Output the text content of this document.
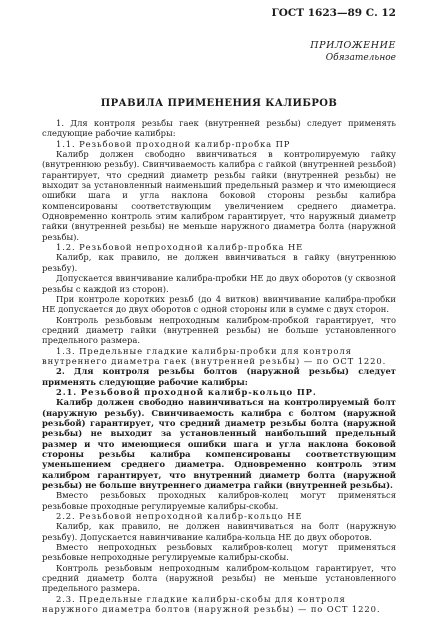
ГОСТ 1623—89 С. 12
ПРИЛОЖЕНИЕ
Обязательное
ПРАВИЛА ПРИМЕНЕНИЯ КАЛИБРОВ

1. Для контроля резьбы гаек (внутренней резьбы) следует применять следующие рабочие калибры:

1.1. Резьбовой проходной калибр-пробка ПР

Калибр должен свободно ввинчиваться в контролируемую гайку (внутреннюю резьбу). Свинчиваемость калибра с гайкой (внутренней резьбой) гарантирует, что средний диаметр резьбы гайки (внутренней резьбы) не выходит за установленный наименьший предельный размер и что имеющиеся ошибки шага и угла наклона боковой стороны резьбы калибра компенсированы соответствующим увеличением среднего диаметра. Одновременно контроль этим калибром гарантирует, что наружный диаметр гайки (внутренней резьбы) не меньше наружного диаметра болта (наружной резьбы).

1.2. Резьбовой непроходной калибр-пробка НЕ

Калибр, как правило, не должен ввинчиваться в гайку (внутреннюю резьбу).

Допускается ввинчивание калибра-пробки НЕ до двух оборотов (у сквозной резьбы с каждой из сторон).

При контроле коротких резьб (до 4 витков) ввинчивание калибра-пробки НЕ допускается до двух оборотов с одной стороны или в сумме с двух сторон.

Контроль резьбовым непроходным калибром-пробкой гарантирует, что средний диаметр гайки (внутренней резьбы) не больше установленного предельного размера.

1.3. Предельные гладкие калибры-пробки для контроля внутреннего диаметра гаек (внутренней резьбы) — по ОСТ 1220.

2. Для контроля резьбы болтов (наружной резьбы) следует применять следующие рабочие калибры:

2.1. Резьбовой проходной калибр-кольцо ПР.

Калибр должен свободно навинчиваться на контролируемый болт (наружную резьбу). Свинчиваемость калибра с болтом (наружной резьбой) гарантирует, что средний диаметр резьбы болта (наружной резьбы) не выходит за установленный наибольший предельный размер и что имеющиеся ошибки шага и угла наклона боковой стороны резьбы калибра компенсированы соответствующим уменьшением среднего диаметра. Одновременно контроль этим калибром гарантирует, что внутренний диаметр болта (наружной резьбы) не больше внутреннего диаметра гайки (внутренней резьбы).

Вместо резьбовых проходных калибров-колец могут применяться резьбовые проходные регулируемые калибры-скобы.

2.2. Резьбовой непроходной калибр-кольцо НЕ

Калибр, как правило, не должен навинчиваться на болт (наружную резьбу). Допускается навинчивание калибра-кольца НЕ до двух оборотов.

Вместо непроходных резьбовых калибров-колец могут применяться резьбовые непроходные регулируемые калибры-скобы.

Контроль резьбовым непроходным калибром-кольцом гарантирует, что средний диаметр болта (наружной резьбы) не меньше установленного предельного размера.

2.3. Предельные гладкие калибры-скобы для контроля наружного диаметра болтов (наружной резьбы) — по ОСТ 1220.
